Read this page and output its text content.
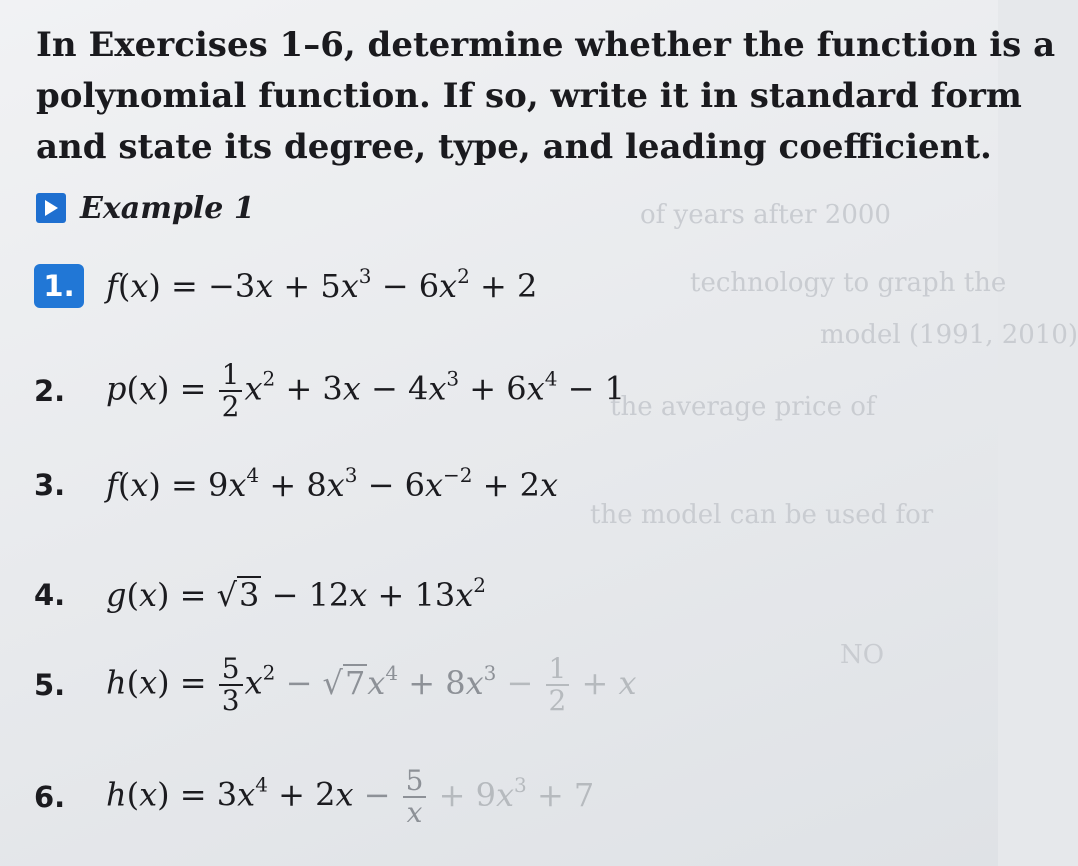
of years after 2000
technology to graph the
model (1991, 2010)
the average price of
the model can be used for
NO
In Exercises 1–6, determine whether the function is a
polynomial function. If so, write it in standard form
and state its degree, type, and leading coefficient.
Example 1
1. $f(x) = -3x + 5x^3 - 6x^2 + 2$
2.	$p(x) = \frac{1}{2} x^2 + 3x - 4x^3 + 6x^4 - 1$
3.	$f(x) = 9x^4 + 8x^3 - 6x^{-2} + 2x$
4.	g(x) = √ $3 - 12x + 13x^2$
5.	$h(x) = \frac{5}{3} x^2$ − √ 7 $x^4 + 8x^3 - \frac{1}{2} + x$
6.	$h(x) = 3x^4 + 2x - \frac{5}{x} + 9x^3 + 7$
